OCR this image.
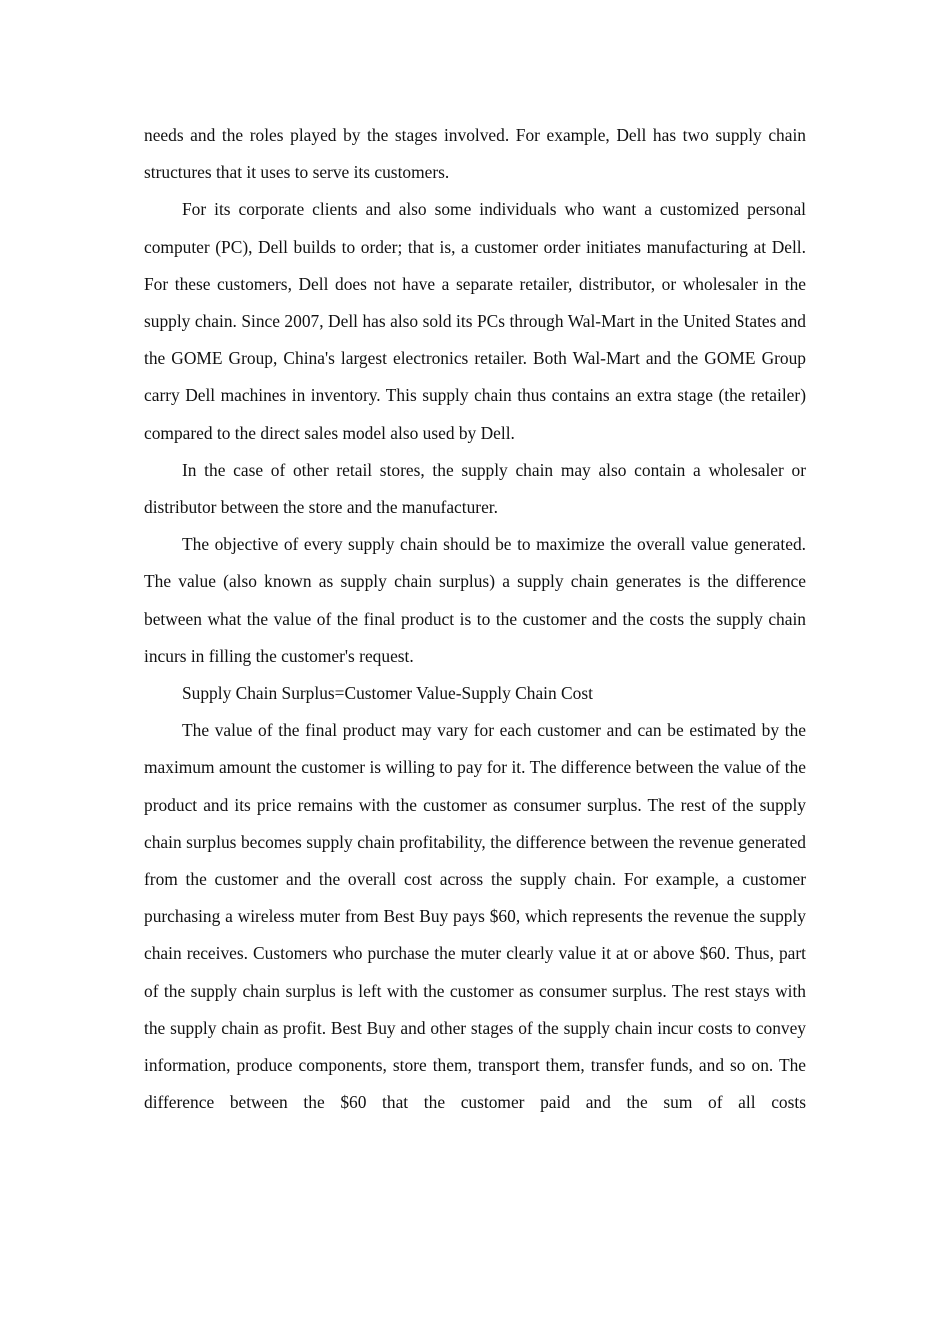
needs and the roles played by the stages involved. For example, Dell has two supply chain structures that it uses to serve its customers.

For its corporate clients and also some individuals who want a customized personal computer (PC), Dell builds to order; that is, a customer order initiates manufacturing at Dell. For these customers, Dell does not have a separate retailer, distributor, or wholesaler in the supply chain. Since 2007, Dell has also sold its PCs through Wal-Mart in the United States and the GOME Group, China's largest electronics retailer. Both Wal-Mart and the GOME Group carry Dell machines in inventory. This supply chain thus contains an extra stage (the retailer) compared to the direct sales model also used by Dell.

In the case of other retail stores, the supply chain may also contain a wholesaler or distributor between the store and the manufacturer.

The objective of every supply chain should be to maximize the overall value generated. The value (also known as supply chain surplus) a supply chain generates is the difference between what the value of the final product is to the customer and the costs the supply chain incurs in filling the customer's request.

Supply Chain Surplus=Customer Value-Supply Chain Cost

The value of the final product may vary for each customer and can be estimated by the maximum amount the customer is willing to pay for it. The difference between the value of the product and its price remains with the customer as consumer surplus. The rest of the supply chain surplus becomes supply chain profitability, the difference between the revenue generated from the customer and the overall cost across the supply chain. For example, a customer purchasing a wireless muter from Best Buy pays $60, which represents the revenue the supply chain receives. Customers who purchase the muter clearly value it at or above $60. Thus, part of the supply chain surplus is left with the customer as consumer surplus. The rest stays with the supply chain as profit. Best Buy and other stages of the supply chain incur costs to convey information, produce components, store them, transport them, transfer funds, and so on. The difference between the $60 that the customer paid and the sum of all costs
